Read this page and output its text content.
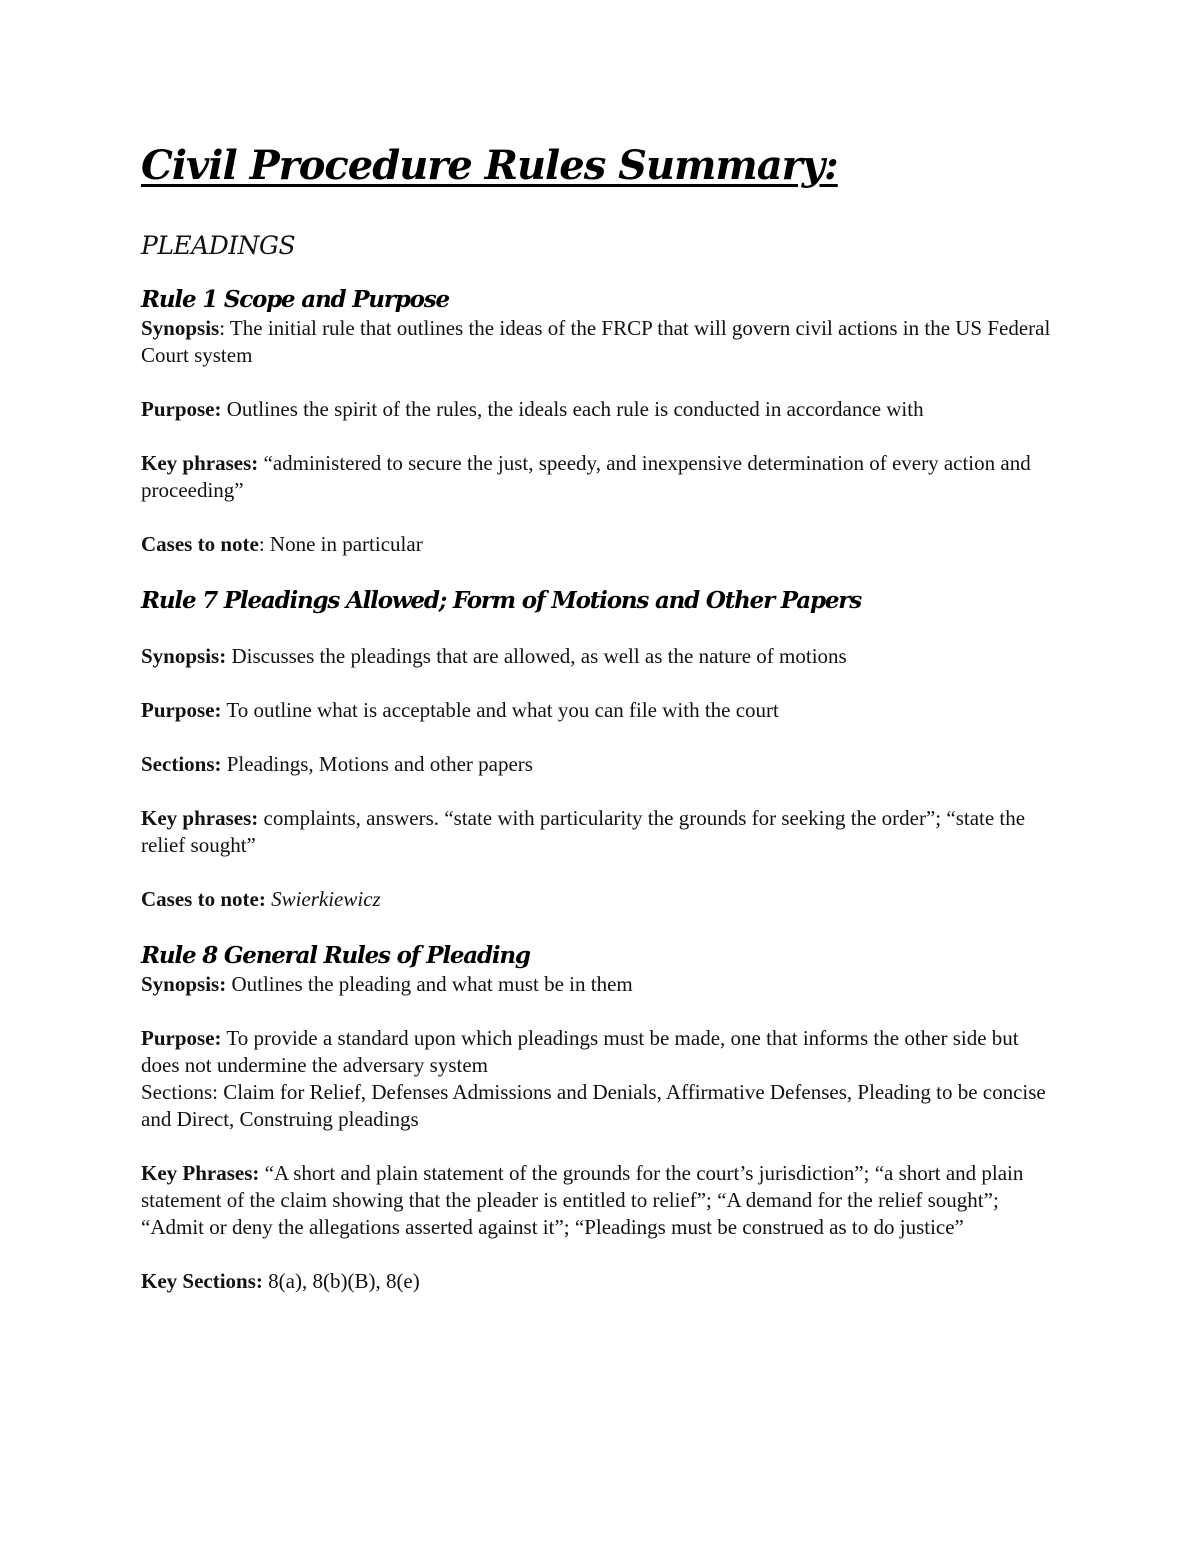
Civil Procedure Rules Summary:
PLEADINGS
Rule 1 Scope and Purpose

Synopsis: The initial rule that outlines the ideas of the FRCP that will govern civil actions in the US Federal Court system

Purpose: Outlines the spirit of the rules, the ideals each rule is conducted in accordance with

Key phrases: “administered to secure the just, speedy, and inexpensive determination of every action and proceeding”

Cases to note: None in particular

Rule 7 Pleadings Allowed; Form of Motions and Other Papers

Synopsis: Discusses the pleadings that are allowed, as well as the nature of motions

Purpose: To outline what is acceptable and what you can file with the court

Sections: Pleadings, Motions and other papers

Key phrases: complaints, answers. “state with particularity the grounds for seeking the order”; “state the relief sought”

Cases to note: Swierkiewicz

Rule 8 General Rules of Pleading

Synopsis: Outlines the pleading and what must be in them

Purpose: To provide a standard upon which pleadings must be made, one that informs the other side but does not undermine the adversary system

Sections: Claim for Relief, Defenses Admissions and Denials, Affirmative Defenses, Pleading to be concise and Direct, Construing pleadings

Key Phrases: “A short and plain statement of the grounds for the court’s jurisdiction”; “a short and plain statement of the claim showing that the pleader is entitled to relief”; “A demand for the relief sought”; “Admit or deny the allegations asserted against it”; “Pleadings must be construed as to do justice”

Key Sections: 8(a), 8(b)(B), 8(e)
